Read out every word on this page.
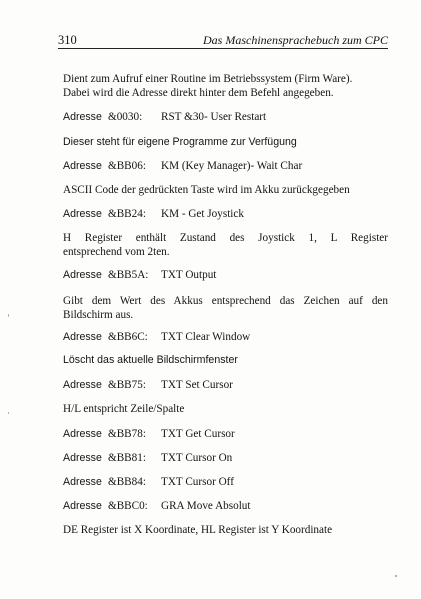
310	Das Maschinensprachebuch zum CPC
Dient zum Aufruf einer Routine im Betriebssystem (Firm Ware).
Dabei wird die Adresse direkt hinter dem Befehl angegeben.
Adresse &0030: RST &30- User Restart
Dieser steht für eigene Programme zur Verfügung
Adresse &BB06: KM (Key Manager)- Wait Char
ASCII Code der gedrückten Taste wird im Akku zurückgegeben
Adresse &BB24: KM - Get Joystick
H Register enthält Zustand des Joystick 1, L Register
entsprechend vom 2ten.
Adresse &BB5A: TXT Output
Gibt dem Wert des Akkus entsprechend das Zeichen auf den
Bildschirm aus.
Adresse &BB6C: TXT Clear Window
Löscht das aktuelle Bildschirmfenster
Adresse &BB75: TXT Set Cursor
H/L entspricht Zeile/Spalte
Adresse &BB78: TXT Get Cursor
Adresse &BB81: TXT Cursor On
Adresse &BB84: TXT Cursor Off
Adresse &BBC0: GRA Move Absolut
DE Register ist X Koordinate, HL Register ist Y Koordinate
